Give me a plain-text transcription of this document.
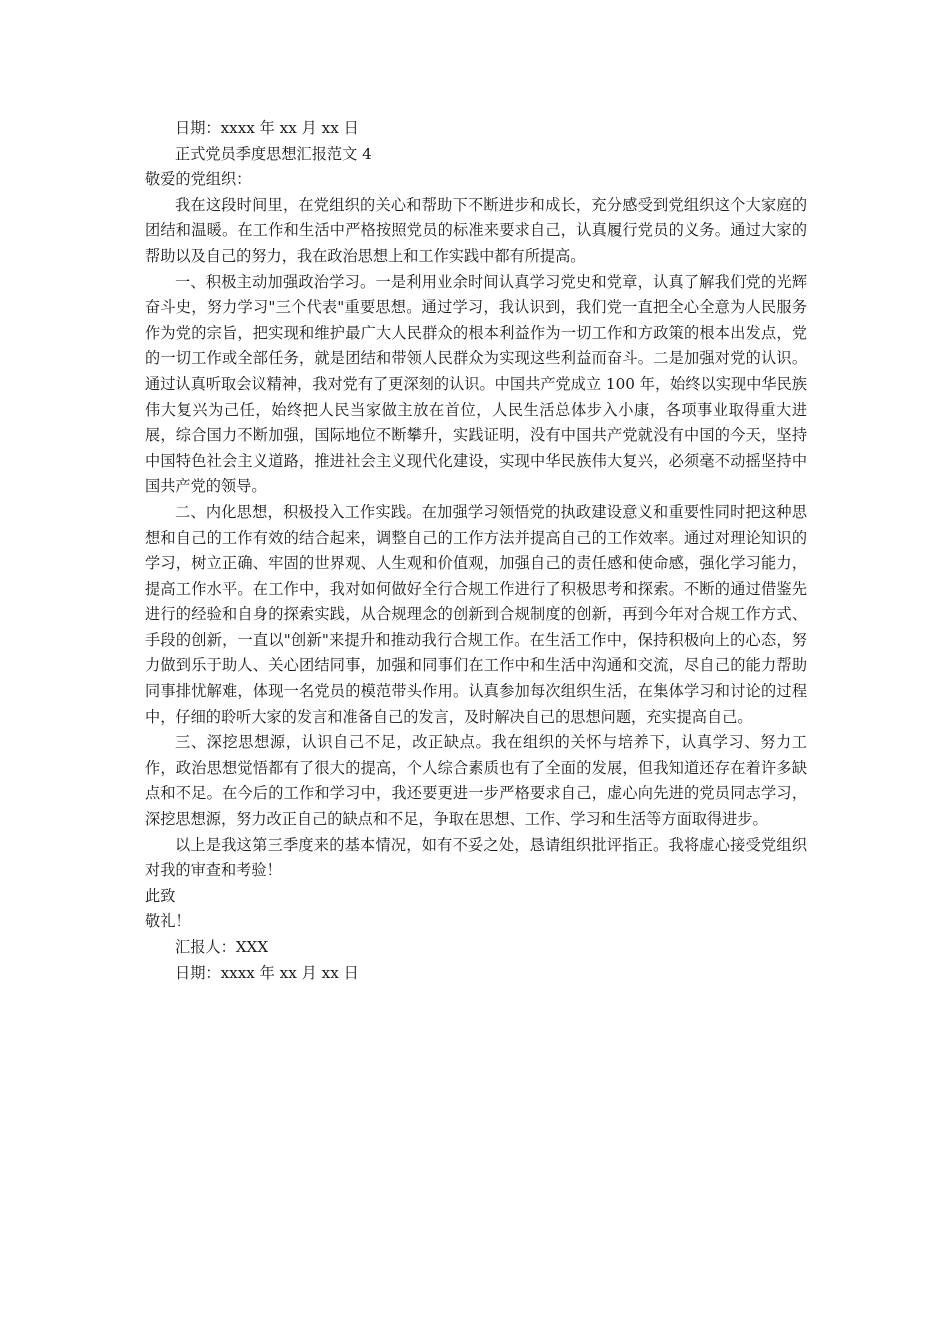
日期：xxxx 年 xx 月 xx 日
正式党员季度思想汇报范文 4
敬爱的党组织：

我在这段时间里，在党组织的关心和帮助下不断进步和成长，充分感受到党组织这个大家庭的团结和温暖。在工作和生活中严格按照党员的标准来要求自己，认真履行党员的义务。通过大家的帮助以及自己的努力，我在政治思想上和工作实践中都有所提高。

一、积极主动加强政治学习。一是利用业余时间认真学习党史和党章，认真了解我们党的光辉奋斗史，努力学习"三个代表"重要思想。通过学习，我认识到，我们党一直把全心全意为人民服务作为党的宗旨，把实现和维护最广大人民群众的根本利益作为一切工作和方政策的根本出发点，党的一切工作或全部任务，就是团结和带领人民群众为实现这些利益而奋斗。二是加强对党的认识。通过认真听取会议精神，我对党有了更深刻的认识。中国共产党成立 100 年，始终以实现中华民族伟大复兴为己任，始终把人民当家做主放在首位，人民生活总体步入小康，各项事业取得重大进展，综合国力不断加强，国际地位不断攀升，实践证明，没有中国共产党就没有中国的今天，坚持中国特色社会主义道路，推进社会主义现代化建设，实现中华民族伟大复兴，必须毫不动摇坚持中国共产党的领导。

二、内化思想，积极投入工作实践。在加强学习领悟党的执政建设意义和重要性同时把这种思想和自己的工作有效的结合起来，调整自己的工作方法并提高自己的工作效率。通过对理论知识的学习，树立正确、牢固的世界观、人生观和价值观，加强自己的责任感和使命感，强化学习能力，提高工作水平。在工作中，我对如何做好全行合规工作进行了积极思考和探索。不断的通过借鉴先进行的经验和自身的探索实践，从合规理念的创新到合规制度的创新，再到今年对合规工作方式、手段的创新，一直以"创新"来提升和推动我行合规工作。在生活工作中，保持积极向上的心态，努力做到乐于助人、关心团结同事，加强和同事们在工作中和生活中沟通和交流，尽自己的能力帮助同事排忧解难，体现一名党员的模范带头作用。认真参加每次组织生活，在集体学习和讨论的过程中，仔细的聆听大家的发言和准备自己的发言，及时解决自己的思想问题，充实提高自己。

三、深挖思想源，认识自己不足，改正缺点。我在组织的关怀与培养下，认真学习、努力工作，政治思想觉悟都有了很大的提高，个人综合素质也有了全面的发展，但我知道还存在着许多缺点和不足。在今后的工作和学习中，我还要更进一步严格要求自己，虚心向先进的党员同志学习，深挖思想源，努力改正自己的缺点和不足，争取在思想、工作、学习和生活等方面取得进步。

以上是我这第三季度来的基本情况，如有不妥之处，恳请组织批评指正。我将虚心接受党组织对我的审查和考验！

此致
敬礼！
汇报人：XXX
日期：xxxx 年 xx 月 xx 日
